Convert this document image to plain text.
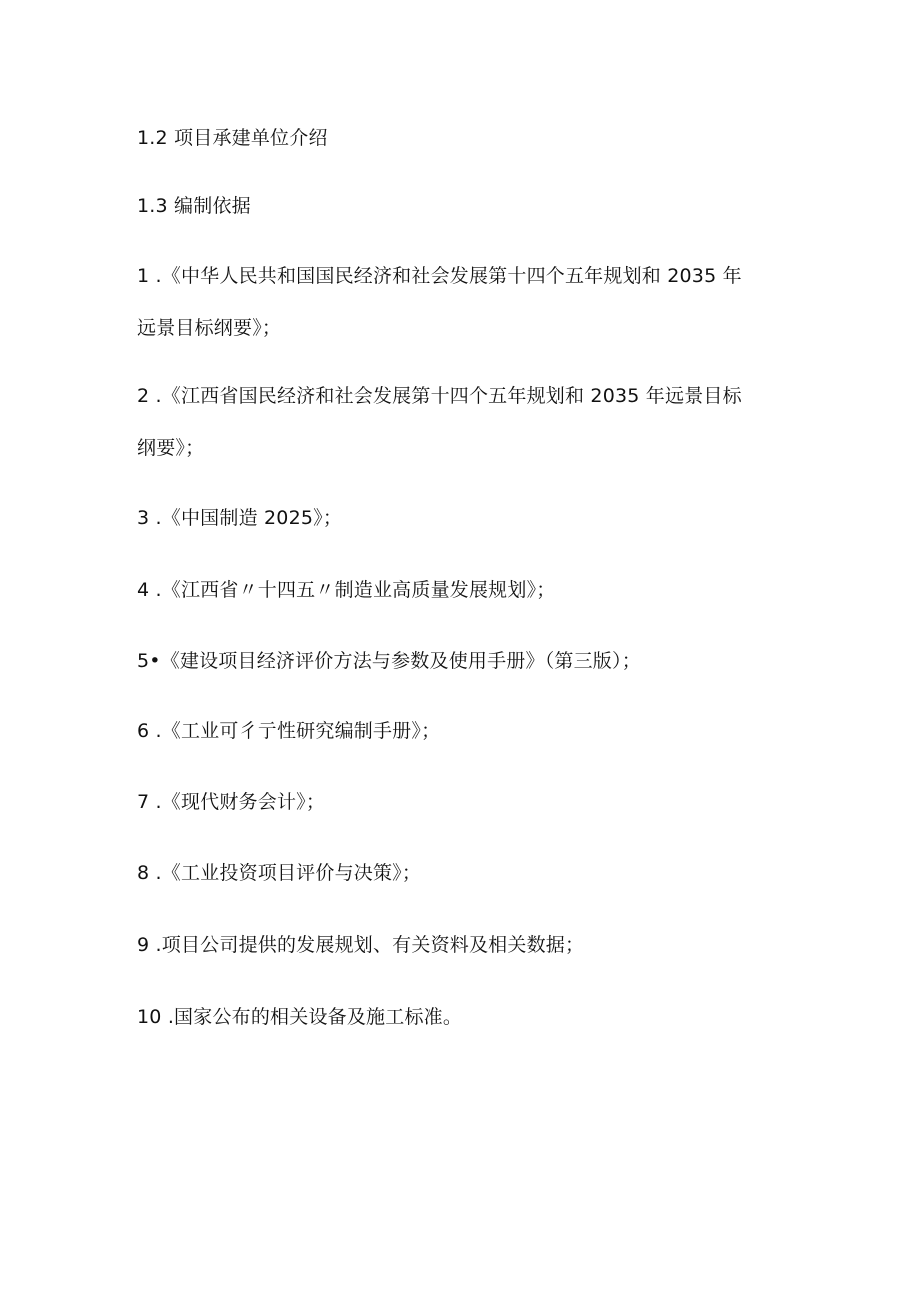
1.2 项目承建单位介绍
1.3 编制依据
1 .《中华人民共和国国民经济和社会发展第十四个五年规划和 2035 年
远景目标纲要》；
2 .《江西省国民经济和社会发展第十四个五年规划和 2035 年远景目标
纲要》；
3 .《中国制造 2025》；
4 .《江西省〃十四五〃制造业高质量发展规划》；
5•《建设项目经济评价方法与参数及使用手册》（第三版）；
6 .《工业可彳亍性研究编制手册》；
7 .《现代财务会计》；
8 .《工业投资项目评价与决策》；
9 .项目公司提供的发展规划、有关资料及相关数据；
10 .国家公布的相关设备及施工标准。
